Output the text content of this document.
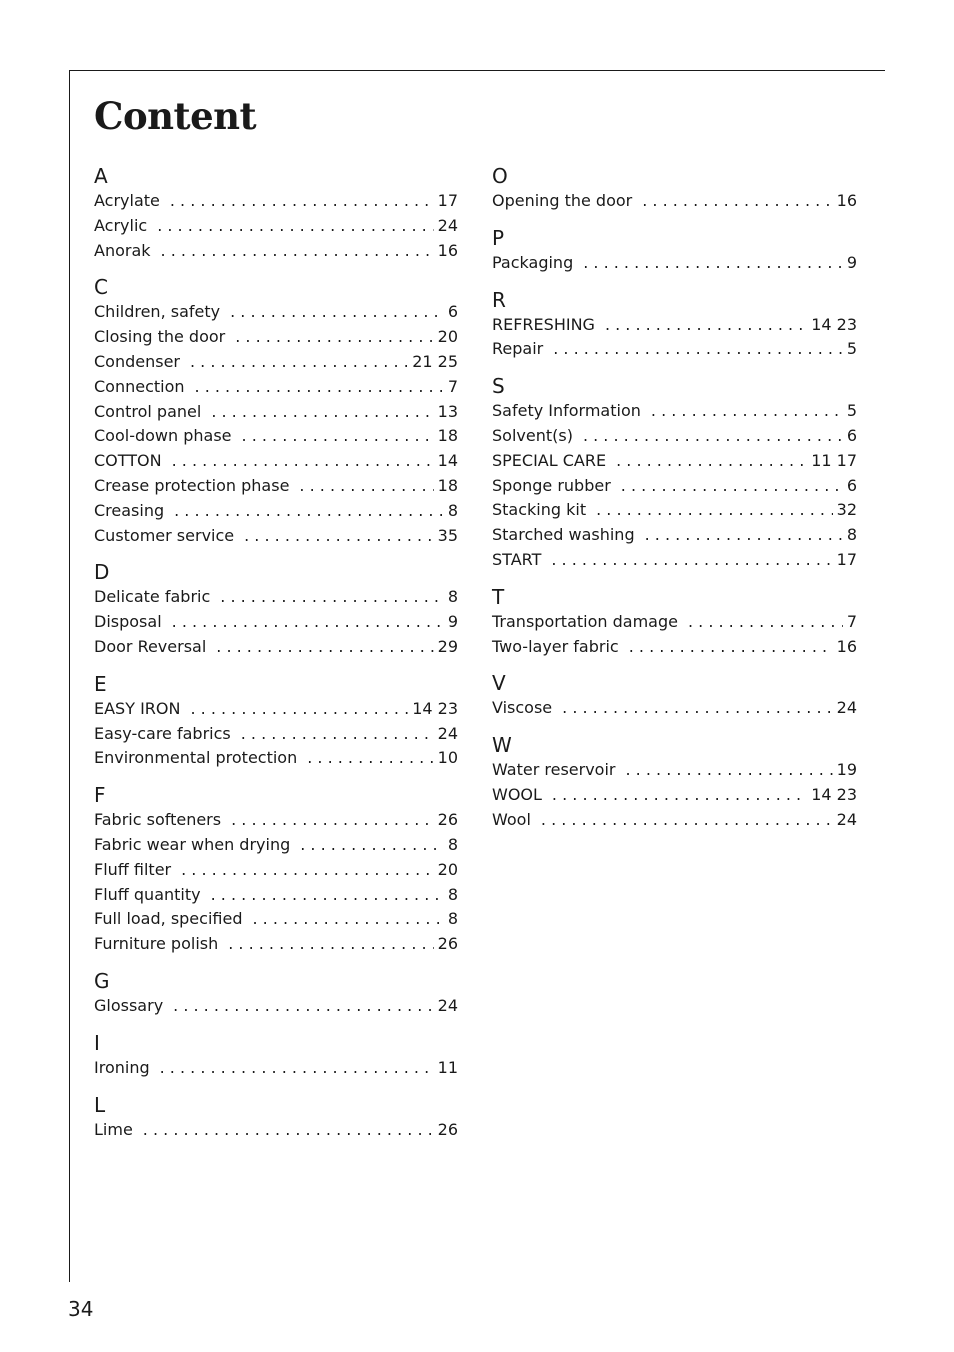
Content
A
Acrylate . . .	17
Acrylic . . .	24
Anorak . . .	16
C
Children, safety . . .	6
Closing the door . . .	20
Condenser . . .	21 25
Connection . . .	7
Control panel . . .	13
Cool-down phase . . .	18
COTTON . . .	14
Crease protection phase . . .	18
Creasing . . .	8
Customer service . . .	35
D
Delicate fabric . . .	8
Disposal . . .	9
Door Reversal . . .	29
E
EASY IRON . . .	14 23
Easy-care fabrics . . .	24
Environmental protection . . .	10
F
Fabric softeners . . .	26
Fabric wear when drying . . .	8
Fluff filter . . .	20
Fluff quantity . . .	8
Full load, specified . . .	8
Furniture polish . . .	26
G
Glossary . . .	24
I
Ironing . . .	11
L
Lime . . .	26
O
Opening the door . . .	16
P
Packaging . . .	9
R
REFRESHING . . .	14 23
Repair . . .	5
S
Safety Information . . .	5
Solvent(s) . . .	6
SPECIAL CARE . . .	11 17
Sponge rubber . . .	6
Stacking kit . . .	32
Starched washing . . .	8
START . . .	17
T
Transportation damage . . .	7
Two-layer fabric . . .	16
V
Viscose . . .	24
W
Water reservoir . . .	19
WOOL . . .	14 23
Wool . . .	24
34
